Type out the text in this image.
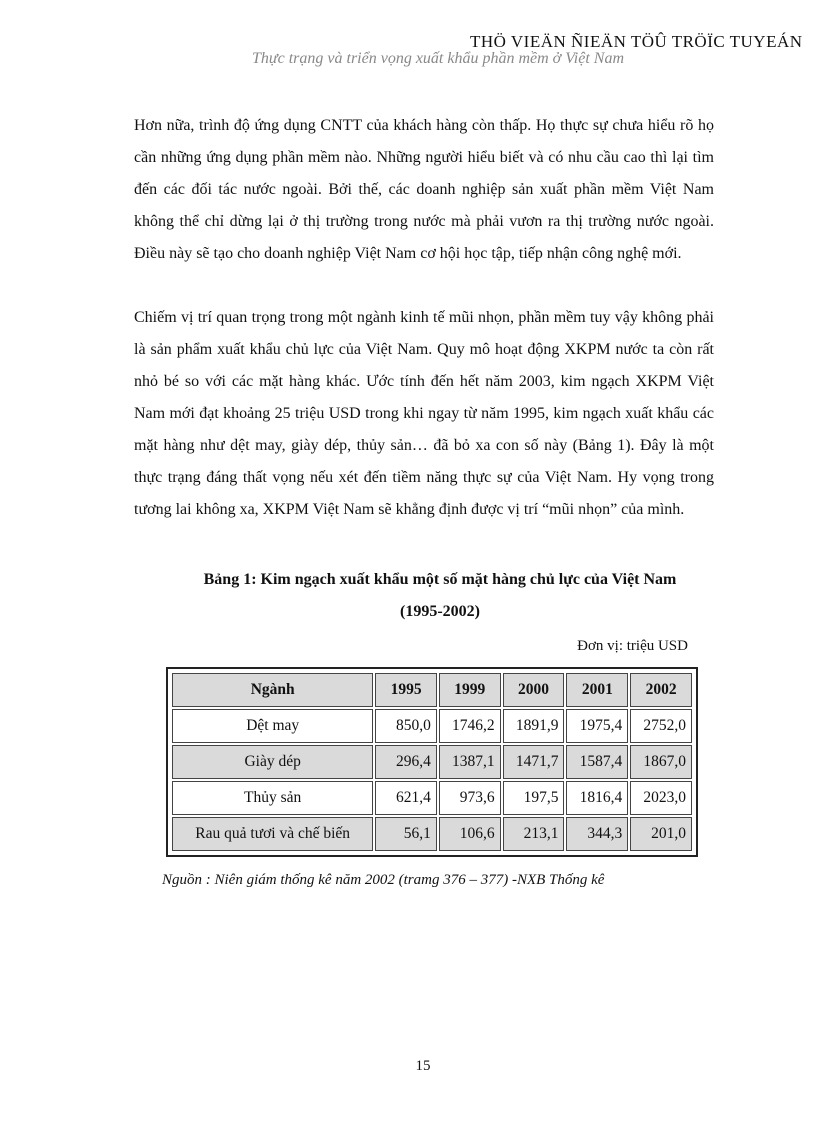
THÖ VIEÄN ÑIEÄN TÖÛ TRÖÏC TUYEÁN
Thực trạng và triển vọng xuất khẩu phần mềm ở Việt Nam

Hơn nữa, trình độ ứng dụng CNTT của khách hàng còn thấp. Họ thực sự chưa hiểu rõ họ cần những ứng dụng phần mềm nào. Những người hiểu biết và có nhu cầu cao thì lại tìm đến các đối tác nước ngoài. Bởi thế, các doanh nghiệp sản xuất phần mềm Việt Nam không thể chỉ dừng lại ở thị trường trong nước mà phải vươn ra thị trường nước ngoài. Điều này sẽ tạo cho doanh nghiệp Việt Nam cơ hội học tập, tiếp nhận công nghệ mới.

Chiếm vị trí quan trọng trong một ngành kinh tế mũi nhọn, phần mềm tuy vậy không phải là sản phẩm xuất khẩu chủ lực của Việt Nam. Quy mô hoạt động XKPM nước ta còn rất nhỏ bé so với các mặt hàng khác. Ước tính đến hết năm 2003, kim ngạch XKPM Việt Nam mới đạt khoảng 25 triệu USD trong khi ngay từ năm 1995, kim ngạch xuất khẩu các mặt hàng như dệt may, giày dép, thủy sản… đã bỏ xa con số này (Bảng 1). Đây là một thực trạng đáng thất vọng nếu xét đến tiềm năng thực sự của Việt Nam. Hy vọng trong tương lai không xa, XKPM Việt Nam sẽ khẳng định được vị trí “mũi nhọn” của mình.

Bảng 1: Kim ngạch xuất khẩu một số mặt hàng chủ lực của Việt Nam
(1995-2002)
Đơn vị: triệu USD
Ngành	1995	1999	2000	2001	2002
Dệt may	850,0	1746,2	1891,9	1975,4	2752,0
Giày dép	296,4	1387,1	1471,7	1587,4	1867,0
Thủy sản	621,4	973,6	197,5	1816,4	2023,0
Rau quả tươi và chế biến	56,1	106,6	213,1	344,3	201,0
Nguồn : Niên giám thống kê năm 2002 (tramg 376 – 377) -NXB Thống kê
15
